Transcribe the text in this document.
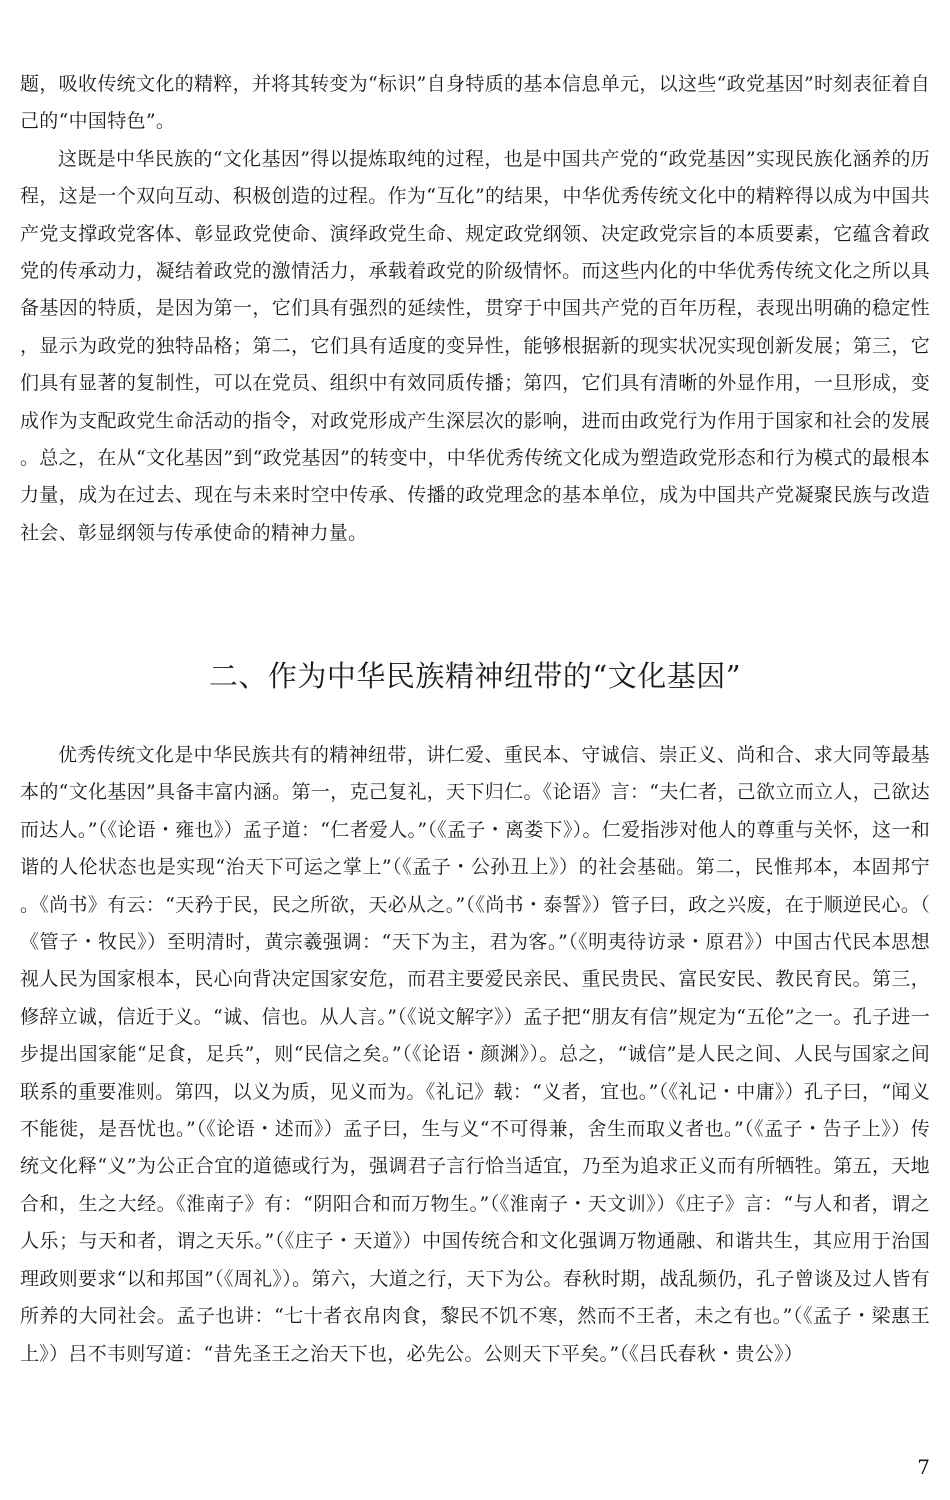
题，吸收传统文化的精粹，并将其转变为“标识”自身特质的基本信息单元，以这些“政党基因”时刻表征着自己的“中国特色”。

这既是中华民族的“文化基因”得以提炼取纯的过程，也是中国共产党的“政党基因”实现民族化涵养的历程，这是一个双向互动、积极创造的过程。作为“互化”的结果，中华优秀传统文化中的精粹得以成为中国共产党支撑政党客体、彰显政党使命、演绎政党生命、规定政党纲领、决定政党宗旨的本质要素，它蕴含着政党的传承动力，凝结着政党的激情活力，承载着政党的阶级情怀。而这些内化的中华优秀传统文化之所以具备基因的特质，是因为第一，它们具有强烈的延续性，贯穿于中国共产党的百年历程，表现出明确的稳定性，显示为政党的独特品格；第二，它们具有适度的变异性，能够根据新的现实状况实现创新发展；第三，它们具有显著的复制性，可以在党员、组织中有效同质传播；第四，它们具有清晰的外显作用，一旦形成，变成作为支配政党生命活动的指令，对政党形成产生深层次的影响，进而由政党行为作用于国家和社会的发展。总之，在从“文化基因”到“政党基因”的转变中，中华优秀传统文化成为塑造政党形态和行为模式的最根本力量，成为在过去、现在与未来时空中传承、传播的政党理念的基本单位，成为中国共产党凝聚民族与改造社会、彰显纲领与传承使命的精神力量。

二、作为中华民族精神纽带的“文化基因”

优秀传统文化是中华民族共有的精神纽带，讲仁爱、重民本、守诚信、崇正义、尚和合、求大同等最基本的“文化基因”具备丰富内涵。第一，克己复礼，天下归仁。《论语》言：“夫仁者，己欲立而立人，己欲达而达人。”（《论语・雍也》）孟子道：“仁者爱人。”（《孟子・离娄下》）。仁爱指涉对他人的尊重与关怀，这一和谐的人伦状态也是实现“治天下可运之掌上”（《孟子・公孙丑上》）的社会基础。第二，民惟邦本，本固邦宁。《尚书》有云：“天矜于民，民之所欲，天必从之。”（《尚书・泰誓》）管子曰，政之兴废，在于顺逆民心。（《管子・牧民》）至明清时，黄宗羲强调：“天下为主，君为客。”（《明夷待访录・原君》）中国古代民本思想视人民为国家根本，民心向背决定国家安危，而君主要爱民亲民、重民贵民、富民安民、教民育民。第三，修辞立诚，信近于义。“诚、信也。从人言。”（《说文解字》）孟子把“朋友有信”规定为“五伦”之一。孔子进一步提出国家能“足食，足兵”，则“民信之矣。”（《论语・颜渊》）。总之，“诚信”是人民之间、人民与国家之间联系的重要准则。第四，以义为质，见义而为。《礼记》载：“义者，宜也。”（《礼记・中庸》）孔子曰，“闻义不能徙，是吾忧也。”（《论语・述而》）孟子曰，生与义“不可得兼，舍生而取义者也。”（《孟子・告子上》）传统文化释“义”为公正合宜的道德或行为，强调君子言行恰当适宜，乃至为追求正义而有所牺牲。第五，天地合和，生之大经。《淮南子》有：“阴阳合和而万物生。”（《淮南子・天文训》）《庄子》言：“与人和者，谓之人乐；与天和者，谓之天乐。”（《庄子・天道》）中国传统合和文化强调万物通融、和谐共生，其应用于治国理政则要求“以和邦国”（《周礼》）。第六，大道之行，天下为公。春秋时期，战乱频仍，孔子曾谈及过人皆有所养的大同社会。孟子也讲：“七十者衣帛肉食，黎民不饥不寒，然而不王者，未之有也。”（《孟子・梁惠王上》）吕不韦则写道：“昔先圣王之治天下也，必先公。公则天下平矣。”（《吕氏春秋・贵公》）

7
